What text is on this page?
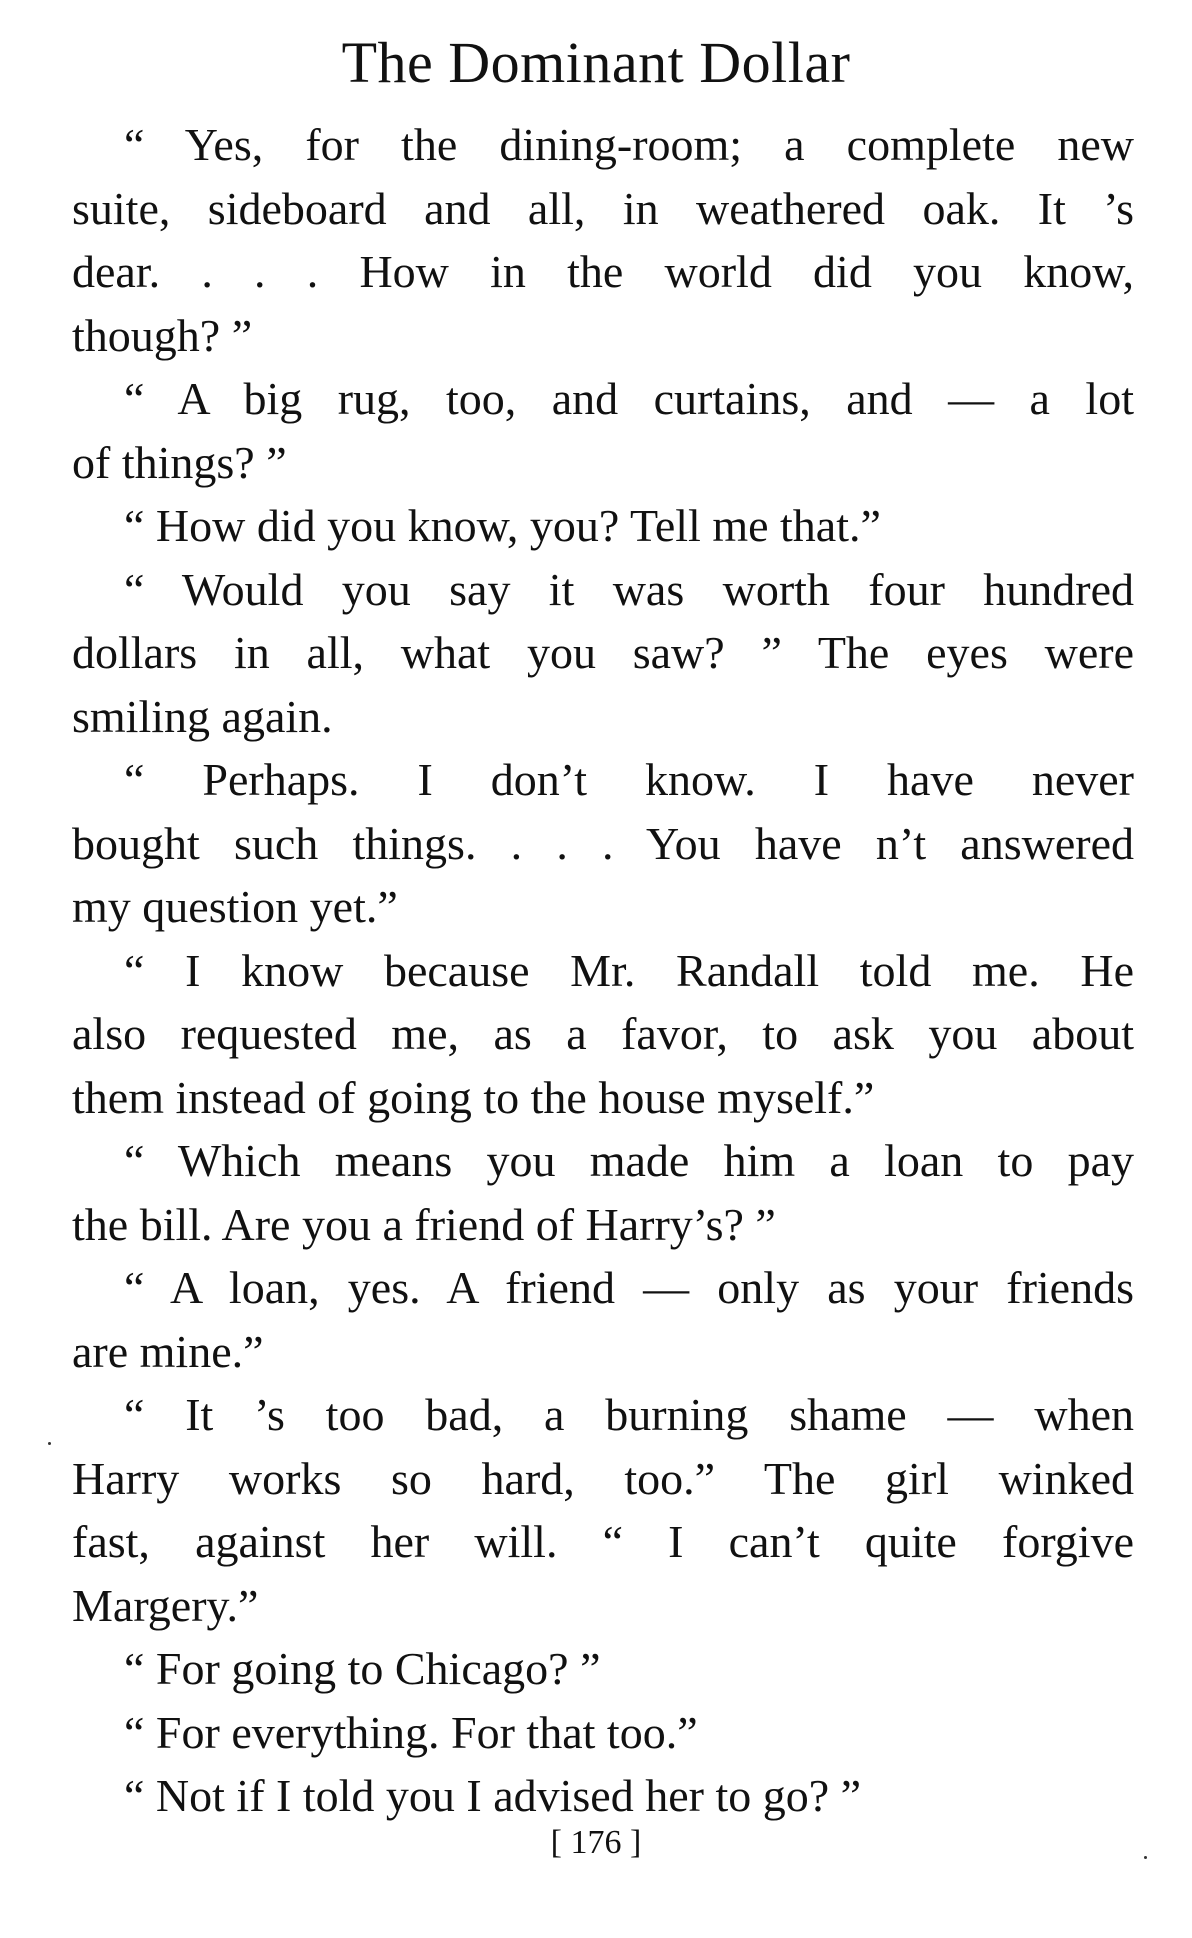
The Dominant Dollar
“ Yes, for the dining-room; a complete new
suite, sideboard and all, in weathered oak. It ’s
dear. . . . How in the world did you know,
though? ”
“ A big rug, too, and curtains, and — a lot
of things? ”
“ How did you know, you? Tell me that.”
“ Would you say it was worth four hundred
dollars in all, what you saw? ” The eyes were
smiling again.
“ Perhaps. I don’t know. I have never
bought such things. . . . You have n’t answered
my question yet.”
“ I know because Mr. Randall told me. He
also requested me, as a favor, to ask you about
them instead of going to the house myself.”
“ Which means you made him a loan to pay
the bill. Are you a friend of Harry’s? ”
“ A loan, yes. A friend — only as your friends
are mine.”
“ It ’s too bad, a burning shame — when
Harry works so hard, too.” The girl winked
fast, against her will. “ I can’t quite forgive
Margery.”
“ For going to Chicago? ”
“ For everything. For that too.”
“ Not if I told you I advised her to go? ”
[ 176 ]
